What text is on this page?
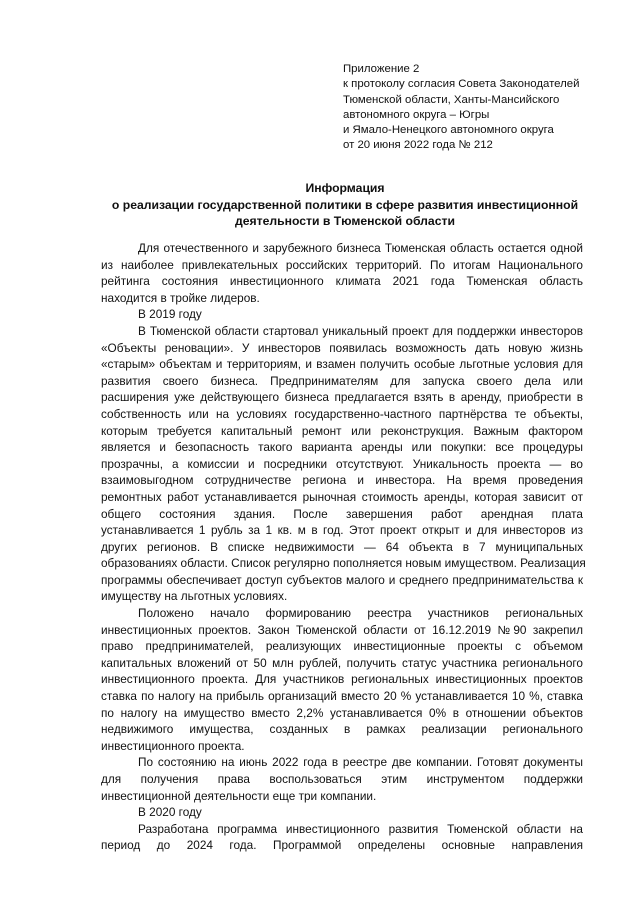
Приложение 2
к протоколу согласия Совета Законодателей
Тюменской области, Ханты-Мансийского
автономного округа – Югры
и Ямало-Ненецкого автономного округа
от 20 июня 2022 года № 212
Информация
о реализации государственной политики в сфере развития инвестиционной
деятельности в Тюменской области
Для отечественного и зарубежного бизнеса Тюменская область остается одной
из наиболее привлекательных российских территорий. По итогам Национального
рейтинга состояния инвестиционного климата 2021 года Тюменская область
находится в тройке лидеров.
В 2019 году
В Тюменской области стартовал уникальный проект для поддержки инвесторов
«Объекты реновации». У инвесторов появилась возможность дать новую жизнь
«старым» объектам и территориям, и взамен получить особые льготные условия для
развития своего бизнеса. Предпринимателям для запуска своего дела или
расширения уже действующего бизнеса предлагается взять в аренду, приобрести в
собственность или на условиях государственно-частного партнёрства те объекты,
которым требуется капитальный ремонт или реконструкция. Важным фактором
является и безопасность такого варианта аренды или покупки: все процедуры
прозрачны, а комиссии и посредники отсутствуют. Уникальность проекта — во
взаимовыгодном сотрудничестве региона и инвестора. На время проведения
ремонтных работ устанавливается рыночная стоимость аренды, которая зависит от
общего состояния здания. После завершения работ арендная плата
устанавливается 1 рубль за 1 кв. м в год. Этот проект открыт и для инвесторов из
других регионов. В списке недвижимости — 64 объекта в 7 муниципальных
образованиях области. Список регулярно пополняется новым имуществом. Реализация
программы обеспечивает доступ субъектов малого и среднего предпринимательства к
имуществу на льготных условиях.
Положено начало формированию реестра участников региональных
инвестиционных проектов. Закон Тюменской области от 16.12.2019 №90 закрепил
право предпринимателей, реализующих инвестиционные проекты с объемом
капитальных вложений от 50 млн рублей, получить статус участника регионального
инвестиционного проекта. Для участников региональных инвестиционных проектов
ставка по налогу на прибыль организаций вместо 20 % устанавливается 10 %, ставка
по налогу на имущество вместо 2,2% устанавливается 0% в отношении объектов
недвижимого имущества, созданных в рамках реализации регионального
инвестиционного проекта.
По состоянию на июнь 2022 года в реестре две компании. Готовят документы
для получения права воспользоваться этим инструментом поддержки
инвестиционной деятельности еще три компании.
В 2020 году
Разработана программа инвестиционного развития Тюменской области на
период до 2024 года. Программой определены основные направления
